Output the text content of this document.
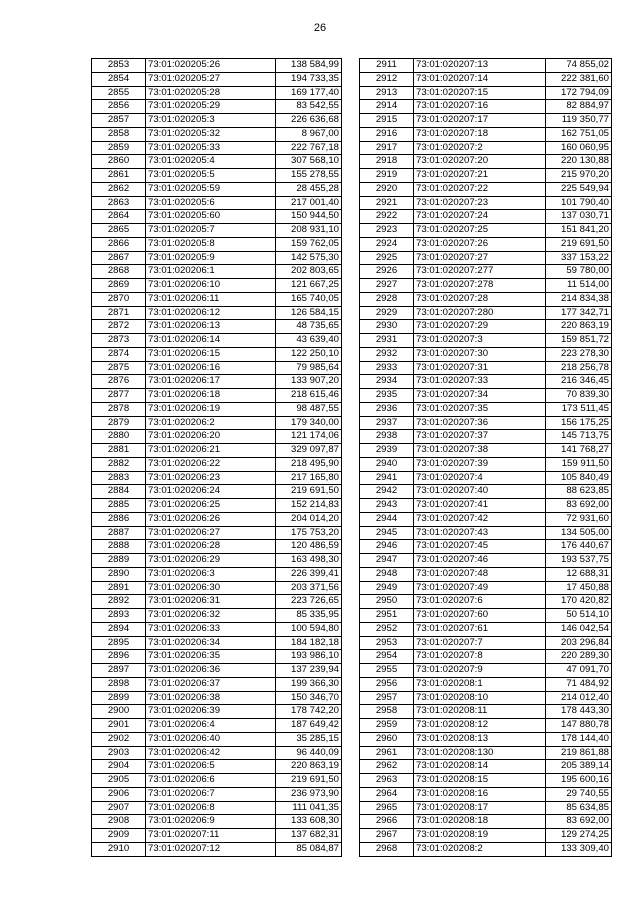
26
2853	73:01:020205:26	138 584,99
2854	73:01:020205:27	194 733,35
2855	73:01:020205:28	169 177,40
2856	73:01:020205:29	83 542,55
2857	73:01:020205:3	226 636,68
2858	73:01:020205:32	8 967,00
2859	73:01:020205:33	222 767,18
2860	73:01:020205:4	307 568,10
2861	73:01:020205:5	155 278,55
2862	73:01:020205:59	28 455,28
2863	73:01:020205:6	217 001,40
2864	73:01:020205:60	150 944,50
2865	73:01:020205:7	208 931,10
2866	73:01:020205:8	159 762,05
2867	73:01:020205:9	142 575,30
2868	73:01:020206:1	202 803,65
2869	73:01:020206:10	121 667,25
2870	73:01:020206:11	165 740,05
2871	73:01:020206:12	126 584,15
2872	73:01:020206:13	48 735,65
2873	73:01:020206:14	43 639,40
2874	73:01:020206:15	122 250,10
2875	73:01:020206:16	79 985,64
2876	73:01:020206:17	133 907,20
2877	73:01:020206:18	218 615,46
2878	73:01:020206:19	98 487,55
2879	73:01:020206:2	179 340,00
2880	73:01:020206:20	121 174,06
2881	73:01:020206:21	329 097,87
2882	73:01:020206:22	218 495,90
2883	73:01:020206:23	217 165,80
2884	73:01:020206:24	219 691,50
2885	73:01:020206:25	152 214,83
2886	73:01:020206:26	204 014,20
2887	73:01:020206:27	175 753,20
2888	73:01:020206:28	120 486,59
2889	73:01:020206:29	163 498,30
2890	73:01:020206:3	226 399,41
2891	73:01:020206:30	203 371,56
2892	73:01:020206:31	223 726,65
2893	73:01:020206:32	85 335,95
2894	73:01:020206:33	100 594,80
2895	73:01:020206:34	184 182,18
2896	73:01:020206:35	193 986,10
2897	73:01:020206:36	137 239,94
2898	73:01:020206:37	199 366,30
2899	73:01:020206:38	150 346,70
2900	73:01:020206:39	178 742,20
2901	73:01:020206:4	187 649,42
2902	73:01:020206:40	35 285,15
2903	73:01:020206:42	96 440,09
2904	73:01:020206:5	220 863,19
2905	73:01:020206:6	219 691,50
2906	73:01:020206:7	236 973,90
2907	73:01:020206:8	111 041,35
2908	73:01:020206:9	133 608,30
2909	73:01:020207:11	137 682,31
2910	73:01:020207:12	85 084,87
2911	73:01:020207:13	74 855,02
2912	73:01:020207:14	222 381,60
2913	73:01:020207:15	172 794,09
2914	73:01:020207:16	82 884,97
2915	73:01:020207:17	119 350,77
2916	73:01:020207:18	162 751,05
2917	73:01:020207:2	160 060,95
2918	73:01:020207:20	220 130,88
2919	73:01:020207:21	215 970,20
2920	73:01:020207:22	225 549,94
2921	73:01:020207:23	101 790,40
2922	73:01:020207:24	137 030,71
2923	73:01:020207:25	151 841,20
2924	73:01:020207:26	219 691,50
2925	73:01:020207:27	337 153,22
2926	73:01:020207:277	59 780,00
2927	73:01:020207:278	11 514,00
2928	73:01:020207:28	214 834,38
2929	73:01:020207:280	177 342,71
2930	73:01:020207:29	220 863,19
2931	73:01:020207:3	159 851,72
2932	73:01:020207:30	223 278,30
2933	73:01:020207:31	218 256,78
2934	73:01:020207:33	216 346,45
2935	73:01:020207:34	70 839,30
2936	73:01:020207:35	173 511,45
2937	73:01:020207:36	156 175,25
2938	73:01:020207:37	145 713,75
2939	73:01:020207:38	141 768,27
2940	73:01:020207:39	159 911,50
2941	73:01:020207:4	105 840,49
2942	73:01:020207:40	88 623,85
2943	73:01:020207:41	83 692,00
2944	73:01:020207:42	72 931,60
2945	73:01:020207:43	134 505,00
2946	73:01:020207:45	176 440,67
2947	73:01:020207:46	193 537,75
2948	73:01:020207:48	12 688,31
2949	73:01:020207:49	17 450,88
2950	73:01:020207:6	170 420,82
2951	73:01:020207:60	50 514,10
2952	73:01:020207:61	146 042,54
2953	73:01:020207:7	203 296,84
2954	73:01:020207:8	220 289,30
2955	73:01:020207:9	47 091,70
2956	73:01:020208:1	71 484,92
2957	73:01:020208:10	214 012,40
2958	73:01:020208:11	178 443,30
2959	73:01:020208:12	147 880,78
2960	73:01:020208:13	178 144,40
2961	73:01:020208:130	219 861,88
2962	73:01:020208:14	205 389,14
2963	73:01:020208:15	195 600,16
2964	73:01:020208:16	29 740,55
2965	73:01:020208:17	85 634,85
2966	73:01:020208:18	83 692,00
2967	73:01:020208:19	129 274,25
2968	73:01:020208:2	133 309,40
